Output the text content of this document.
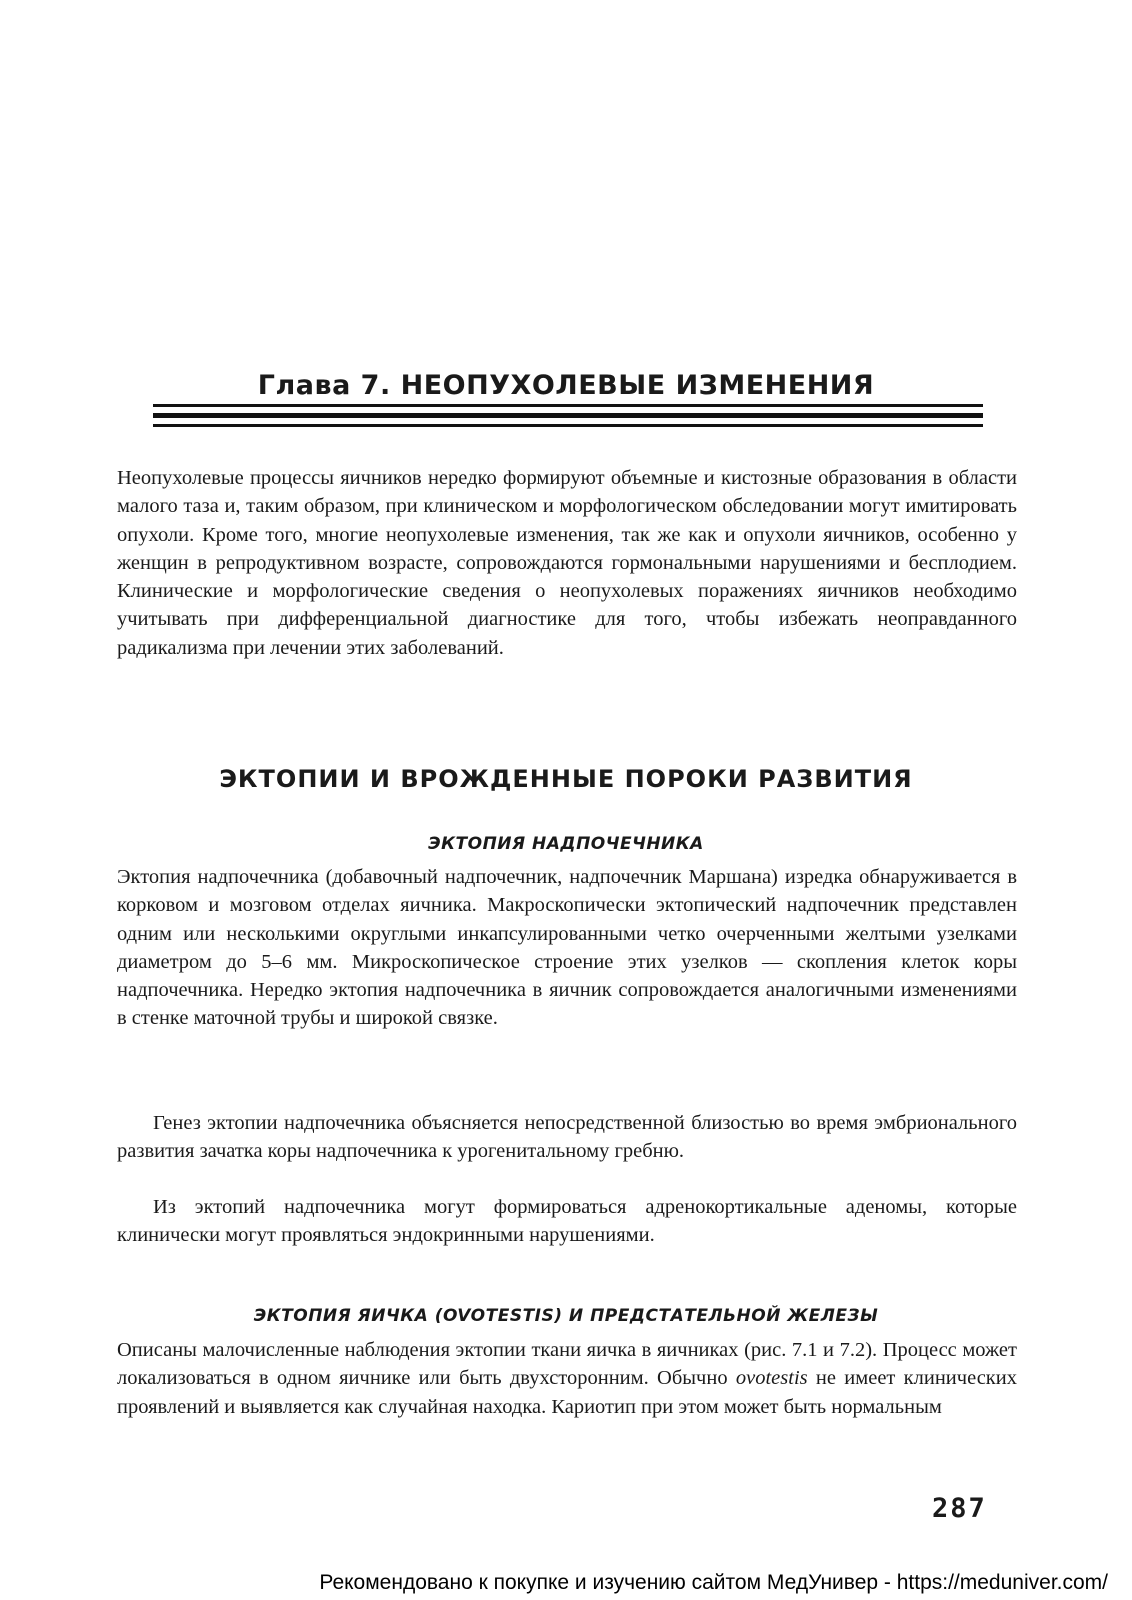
Глава 7. НЕОПУХОЛЕВЫЕ ИЗМЕНЕНИЯ

Неопухолевые процессы яичников нередко формируют объемные и кистозные образования в области малого таза и, таким образом, при клиническом и морфологическом обследовании могут имитировать опухоли. Кроме того, многие неопухолевые изменения, так же как и опухоли яичников, особенно у женщин в репродуктивном возрасте, сопровождаются гормональными нарушениями и бесплодием. Клинические и морфологические сведения о неопухолевых поражениях яичников необходимо учитывать при дифференциальной диагностике для того, чтобы избежать неоправданного радикализма при лечении этих заболеваний.

ЭКТОПИИ И ВРОЖДЕННЫЕ ПОРОКИ РАЗВИТИЯ
ЭКТОПИЯ НАДПОЧЕЧНИКА

Эктопия надпочечника (добавочный надпочечник, надпочечник Маршана) изредка обнаруживается в корковом и мозговом отделах яичника. Макроскопически эктопический надпочечник представлен одним или несколькими округлыми инкапсулированными четко очерченными желтыми узелками диаметром до 5–6 мм. Микроскопическое строение этих узелков — скопления клеток коры надпочечника. Нередко эктопия надпочечника в яичник сопровождается аналогичными изменениями в стенке маточной трубы и широкой связке.

Генез эктопии надпочечника объясняется непосредственной близостью во время эмбрионального развития зачатка коры надпочечника к урогенитальному гребню.

Из эктопий надпочечника могут формироваться адренокортикальные аденомы, которые клинически могут проявляться эндокринными нарушениями.

ЭКТОПИЯ ЯИЧКА (OVOTESTIS) И ПРЕДСТАТЕЛЬНОЙ ЖЕЛЕЗЫ

Описаны малочисленные наблюдения эктопии ткани яичка в яичниках (рис. 7.1 и 7.2). Процесс может локализоваться в одном яичнике или быть двухсторонним. Обычно ovotestis не имеет клинических проявлений и выявляется как случайная находка. Кариотип при этом может быть нормальным

287
Рекомендовано к покупке и изучению сайтом МедУнивер - https://meduniver.com/
